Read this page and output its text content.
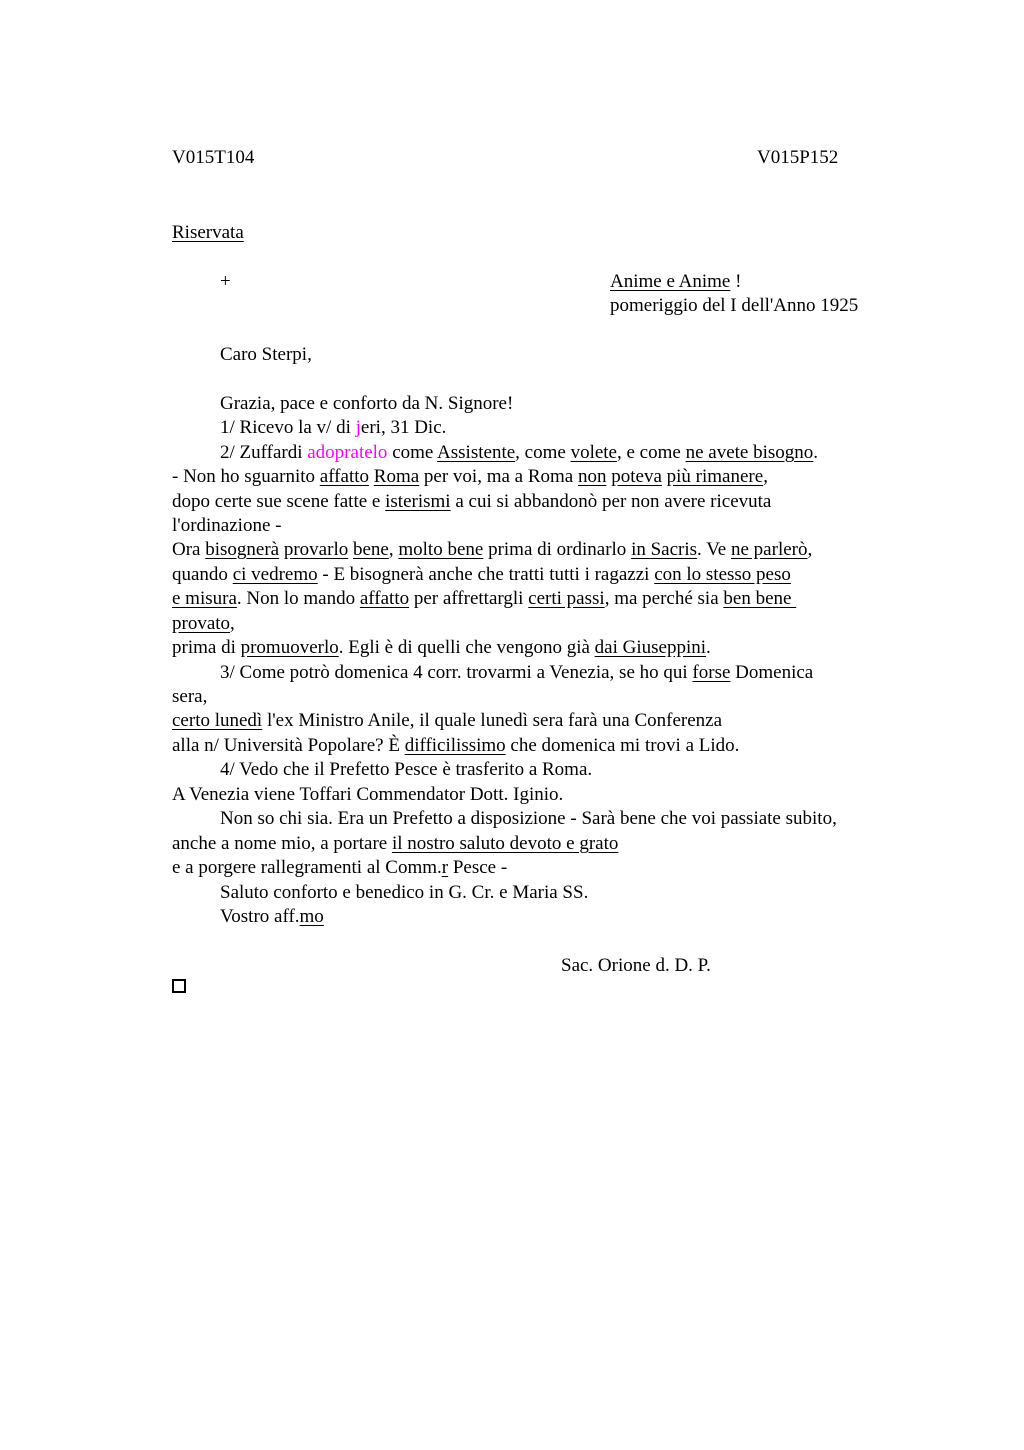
V015T104	V015P152
Riservata
+	Anime e Anime !
pomeriggio del I dell'Anno 1925
Caro Sterpi,
Grazia, pace e conforto da N. Signore!
1/ Ricevo la v/ di jeri, 31 Dic.
2/ Zuffardi adopratelo come Assistente, come volete, e come ne avete bisogno.
- Non ho sguarnito affatto Roma per voi, ma a Roma non poteva più rimanere,
dopo certe sue scene fatte e isterismi a cui si abbandonò per non avere ricevuta
l'ordinazione -
Ora bisognerà provarlo bene, molto bene prima di ordinarlo in Sacris. Ve ne parlerò,
quando ci vedremo - E bisognerà anche che tratti tutti i ragazzi con lo stesso peso
e misura. Non lo mando affatto per affrettargli certi passi, ma perché sia ben bene
provato,
prima di promuoverlo. Egli è di quelli che vengono già dai Giuseppini.
3/ Come potrò domenica 4 corr. trovarmi a Venezia, se ho qui forse Domenica
sera,
certo lunedì l'ex Ministro Anile, il quale lunedì sera farà una Conferenza
alla n/ Università Popolare? È difficilissimo che domenica mi trovi a Lido.
4/ Vedo che il Prefetto Pesce è trasferito a Roma.
A Venezia viene Toffari Commendator Dott. Iginio.
Non so chi sia. Era un Prefetto a disposizione - Sarà bene che voi passiate subito,
anche a nome mio, a portare il nostro saluto devoto e grato
e a porgere rallegramenti al Comm.r Pesce -
Saluto conforto e benedico in G. Cr. e Maria SS.
Vostro aff.mo
Sac. Orione d. D. P.
